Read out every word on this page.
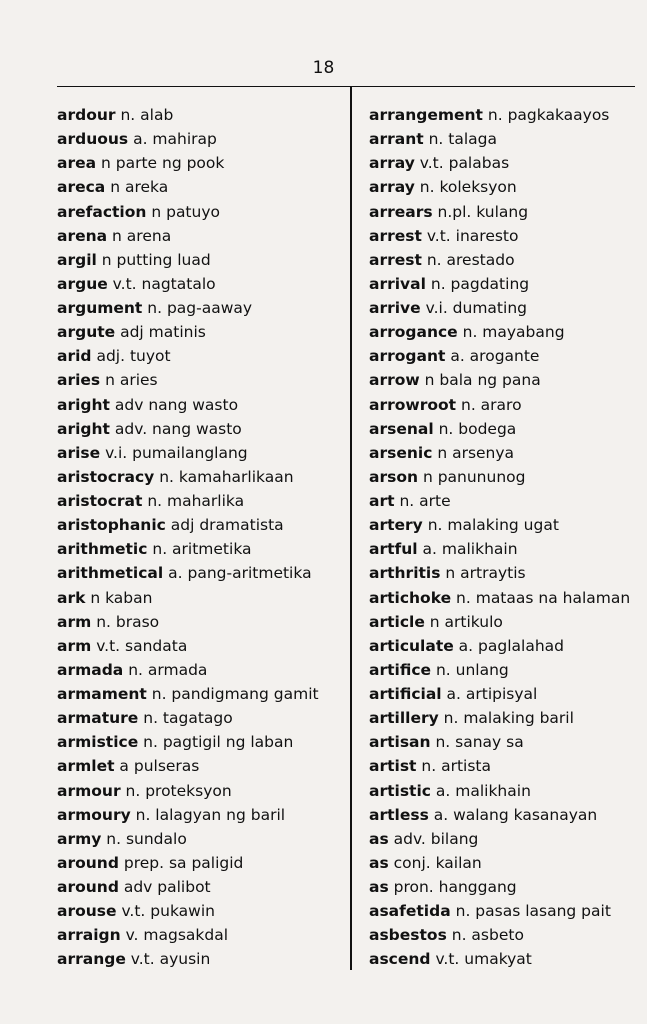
18
ardour n. alab
arduous a. mahirap
area n parte ng pook
areca n areka
arefaction n patuyo
arena n arena
argil n putting luad
argue v.t. nagtatalo
argument n. pag-aaway
argute adj matinis
arid adj. tuyot
aries n aries
aright adv nang wasto
aright adv. nang wasto
arise v.i. pumailanglang
aristocracy n. kamaharlikaan
aristocrat n. maharlika
aristophanic adj dramatista
arithmetic n. aritmetika
arithmetical a. pang-aritmetika
ark n kaban
arm n. braso
arm v.t. sandata
armada n. armada
armament n. pandigmang gamit
armature n. tagatago
armistice n. pagtigil ng laban
armlet a pulseras
armour n. proteksyon
armoury n. lalagyan ng baril
army n. sundalo
around prep. sa paligid
around adv palibot
arouse v.t. pukawin
arraign v. magsakdal
arrange v.t. ayusin
arrangement n. pagkakaayos
arrant n. talaga
array v.t. palabas
array n. koleksyon
arrears n.pl. kulang
arrest v.t. inaresto
arrest n. arestado
arrival n. pagdating
arrive v.i. dumating
arrogance n. mayabang
arrogant a. arogante
arrow n bala ng pana
arrowroot n. araro
arsenal n. bodega
arsenic n arsenya
arson n panununog
art n. arte
artery n. malaking ugat
artful a. malikhain
arthritis n artraytis
artichoke n. mataas na halaman
article n artikulo
articulate a. paglalahad
artifice n. unlang
artificial a. artipisyal
artillery n. malaking baril
artisan n. sanay sa
artist n. artista
artistic a. malikhain
artless a. walang kasanayan
as adv. bilang
as conj. kailan
as pron. hanggang
asafetida n. pasas lasang pait
asbestos n. asbeto
ascend v.t. umakyat
